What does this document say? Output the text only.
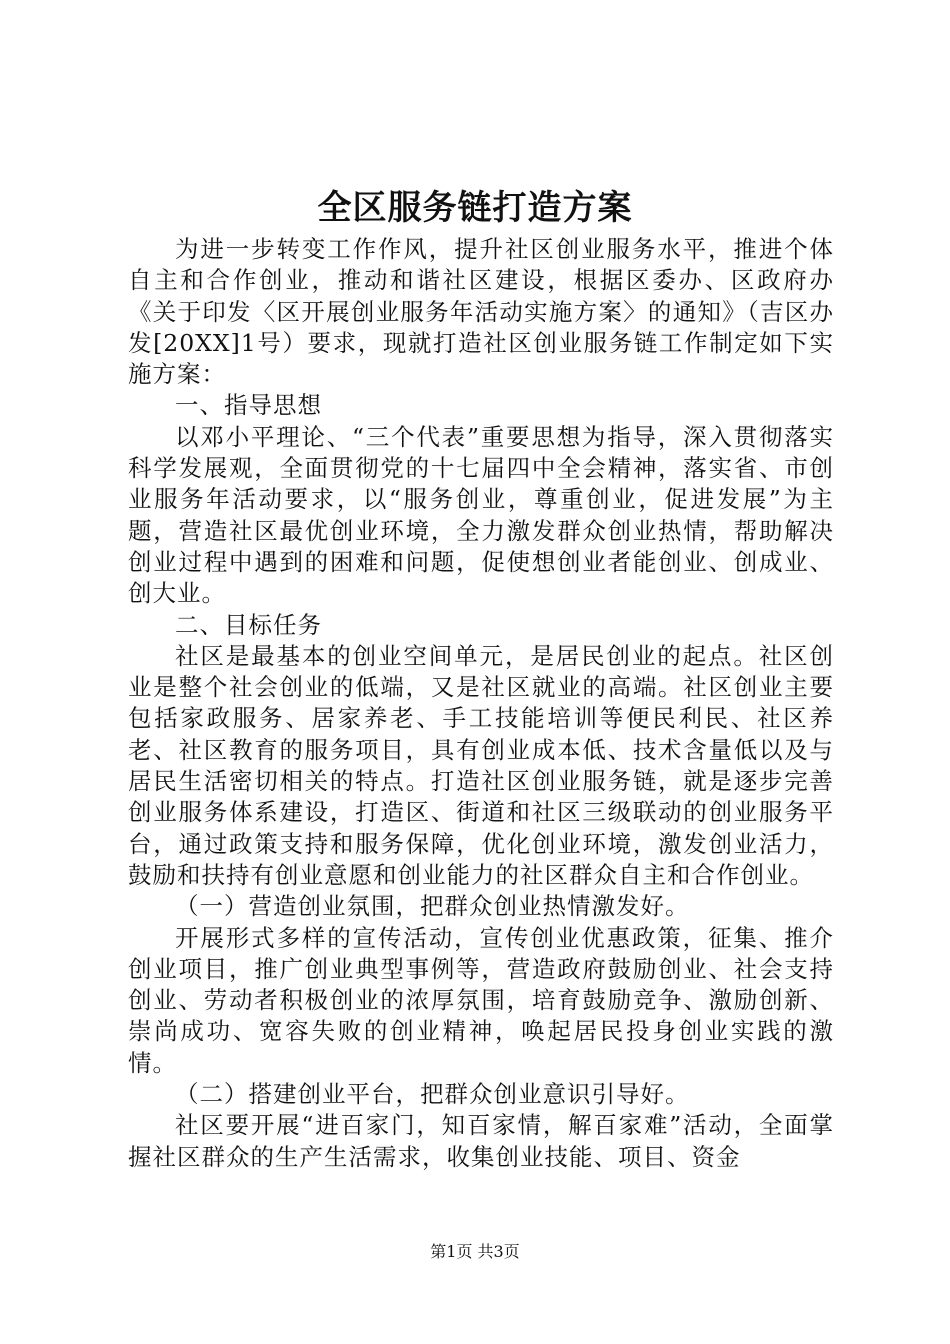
全区服务链打造方案

为进一步转变工作作风，提升社区创业服务水平，推进个体自主和合作创业，推动和谐社区建设，根据区委办、区政府办《关于印发〈区开展创业服务年活动实施方案〉的通知》（吉区办发[20XX]1号）要求，现就打造社区创业服务链工作制定如下实施方案：

一、指导思想

以邓小平理论、“三个代表”重要思想为指导，深入贯彻落实科学发展观，全面贯彻党的十七届四中全会精神，落实省、市创业服务年活动要求，以“服务创业，尊重创业，促进发展”为主题，营造社区最优创业环境，全力激发群众创业热情，帮助解决创业过程中遇到的困难和问题，促使想创业者能创业、创成业、创大业。

二、目标任务

社区是最基本的创业空间单元，是居民创业的起点。社区创业是整个社会创业的低端，又是社区就业的高端。社区创业主要包括家政服务、居家养老、手工技能培训等便民利民、社区养老、社区教育的服务项目，具有创业成本低、技术含量低以及与居民生活密切相关的特点。打造社区创业服务链，就是逐步完善创业服务体系建设，打造区、街道和社区三级联动的创业服务平台，通过政策支持和服务保障，优化创业环境，激发创业活力，鼓励和扶持有创业意愿和创业能力的社区群众自主和合作创业。

（一）营造创业氛围，把群众创业热情激发好。

开展形式多样的宣传活动，宣传创业优惠政策，征集、推介创业项目，推广创业典型事例等，营造政府鼓励创业、社会支持创业、劳动者积极创业的浓厚氛围，培育鼓励竞争、激励创新、崇尚成功、宽容失败的创业精神，唤起居民投身创业实践的激情。

（二）搭建创业平台，把群众创业意识引导好。

社区要开展“进百家门，知百家情，解百家难”活动，全面掌握社区群众的生产生活需求，收集创业技能、项目、资金

第1页 共3页
